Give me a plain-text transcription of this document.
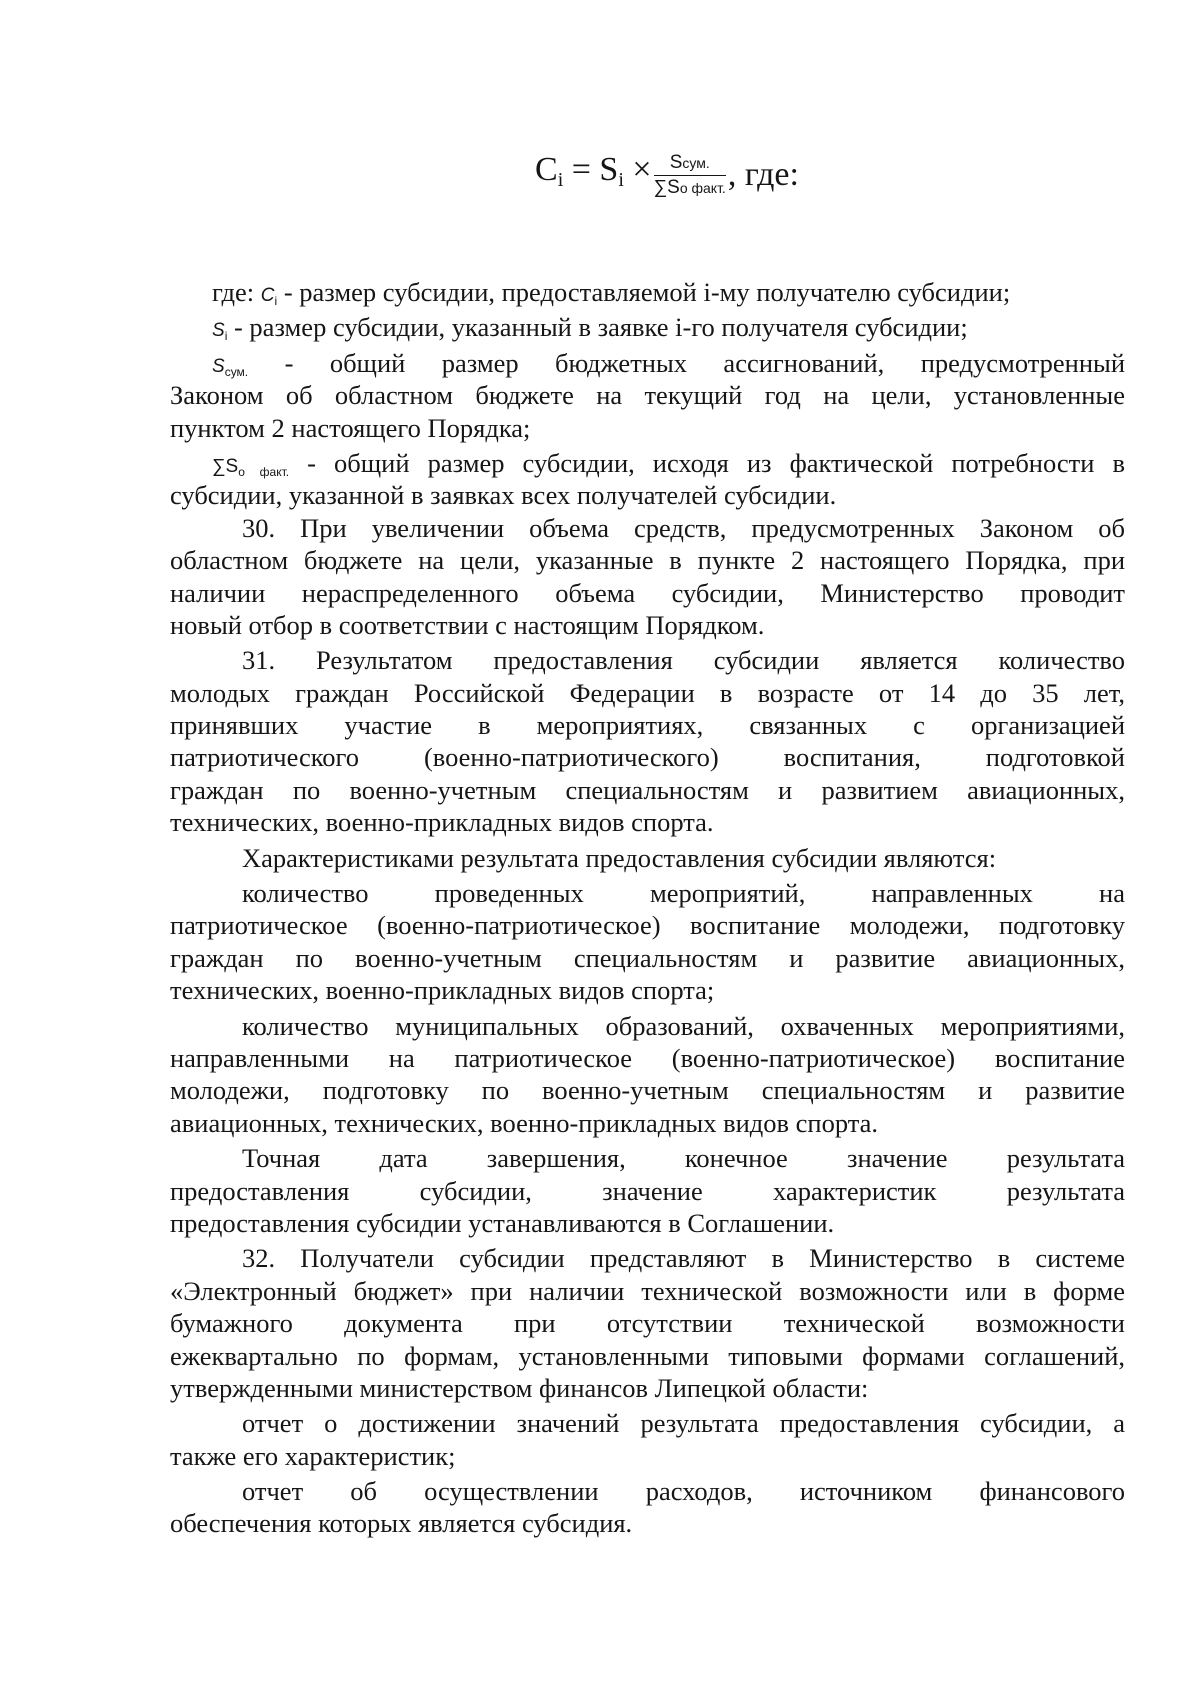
$C_i = S_i \times \frac{\text{Sсум.}}{\text{∑Sо факт.}}$ , где:
где: $C_i$ - размер субсидии, предоставляемой i-му получателю субсидии;
$S_i$ - размер субсидии, указанный в заявке i-го получателя субсидии;
$S_{сум.}$ - общий размер бюджетных ассигнований, предусмотренный
Законом об областном бюджете на текущий год на цели, установленные
пунктом 2 настоящего Порядка;
$\sum S_{о факт.}$ - общий размер субсидии, исходя из фактической потребности в
субсидии, указанной в заявках всех получателей субсидии.
30. При увеличении объема средств, предусмотренных Законом об
областном бюджете на цели, указанные в пункте 2 настоящего Порядка, при
наличии нераспределенного объема субсидии, Министерство проводит
новый отбор в соответствии с настоящим Порядком.
31. Результатом предоставления субсидии является количество
молодых граждан Российской Федерации в возрасте от 14 до 35 лет,
принявших участие в мероприятиях, связанных с организацией
патриотического (военно-патриотического) воспитания, подготовкой
граждан по военно-учетным специальностям и развитием авиационных,
технических, военно-прикладных видов спорта.
Характеристиками результата предоставления субсидии являются:
количество проведенных мероприятий, направленных на
патриотическое (военно-патриотическое) воспитание молодежи, подготовку
граждан по военно-учетным специальностям и развитие авиационных,
технических, военно-прикладных видов спорта;
количество муниципальных образований, охваченных мероприятиями,
направленными на патриотическое (военно-патриотическое) воспитание
молодежи, подготовку по военно-учетным специальностям и развитие
авиационных, технических, военно-прикладных видов спорта.
Точная дата завершения, конечное значение результата
предоставления субсидии, значение характеристик результата
предоставления субсидии устанавливаются в Соглашении.
32. Получатели субсидии представляют в Министерство в системе
«Электронный бюджет» при наличии технической возможности или в форме
бумажного документа при отсутствии технической возможности
ежеквартально по формам, установленными типовыми формами соглашений,
утвержденными министерством финансов Липецкой области:
отчет о достижении значений результата предоставления субсидии, а
также его характеристик;
отчет об осуществлении расходов, источником финансового
обеспечения которых является субсидия.
